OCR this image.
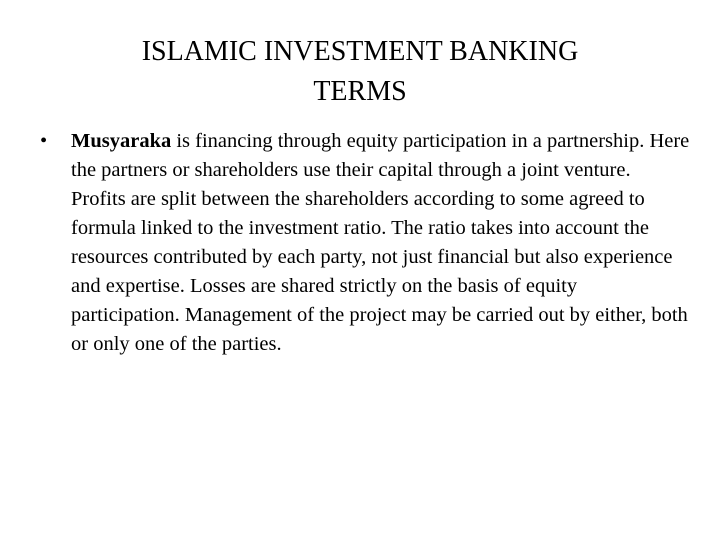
ISLAMIC INVESTMENT BANKING
TERMS
•	Musyaraka is financing through equity participation in a partnership. Here the partners or shareholders use their capital through a joint venture. Profits are split between the shareholders according to some agreed to formula linked to the investment ratio. The ratio takes into account the resources contributed by each party, not just financial but also experience and expertise. Losses are shared strictly on the basis of equity participation. Management of the project may be carried out by either, both or only one of the parties.
